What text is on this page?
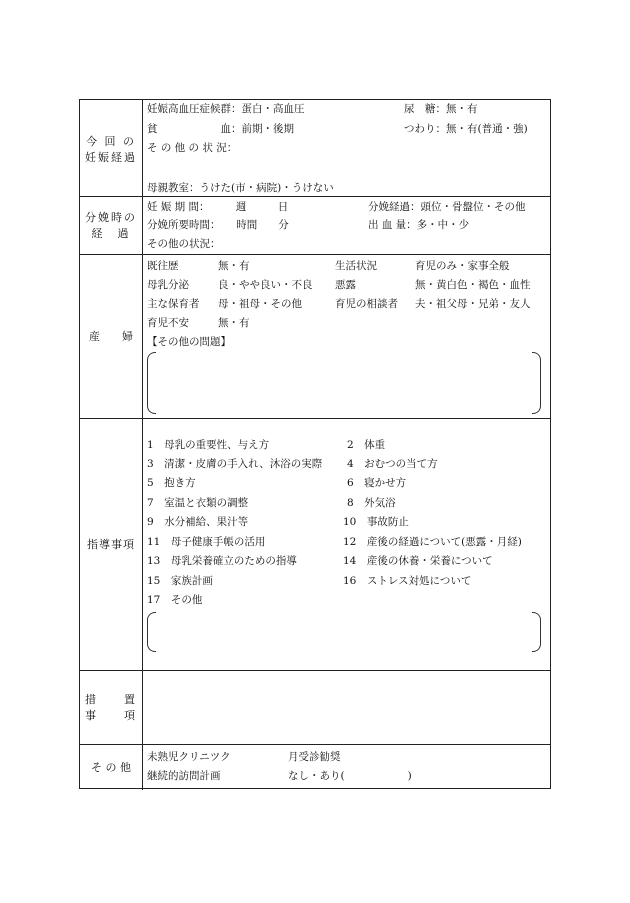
今 回 の
妊娠経過
妊娠高血圧症候群：蛋白・高血圧	尿　糖：無・有
貧　　　　　　血：前期・後期	つわり：無・有(普通・強)
そ の 他 の 状 況：
母親教室：うけた(市・病院)・うけない
分娩時の
経　過
妊 娠 期 間：　　　週　　　日	分娩経過：頭位・骨盤位・その他
分娩所要時間：　　時間　　分	出 血 量：多・中・少
その他の状況：
産　　婦
既往歴	無・有	生活状況	育児のみ・家事全般
母乳分泌	良・やや良い・不良 悪露	無・黄白色・褐色・血性
主な保育者 母・祖母・その他	育児の相談者 夫・祖父母・兄弟・友人
育児不安	無・有
【その他の問題】
指導事項
1　母乳の重要性、与え方	2　体重
3　清潔・皮膚の手入れ、沐浴の実際 4　おむつの当て方
5　抱き方	6　寝かせ方
7　室温と衣類の調整	8　外気浴
9　水分補給、果汁等	10　事故防止
11　母子健康手帳の活用	12　産後の経過について(悪露・月経)
13　母乳栄養確立のための指導	14　産後の休養・栄養について
15　家族計画	16　ストレス対処について
17　その他
措　　置
事　　項
そ の 他
未熟児クリニツク	月受診勧奨
継続的訪問計画	なし・あり(　　　　　　)
